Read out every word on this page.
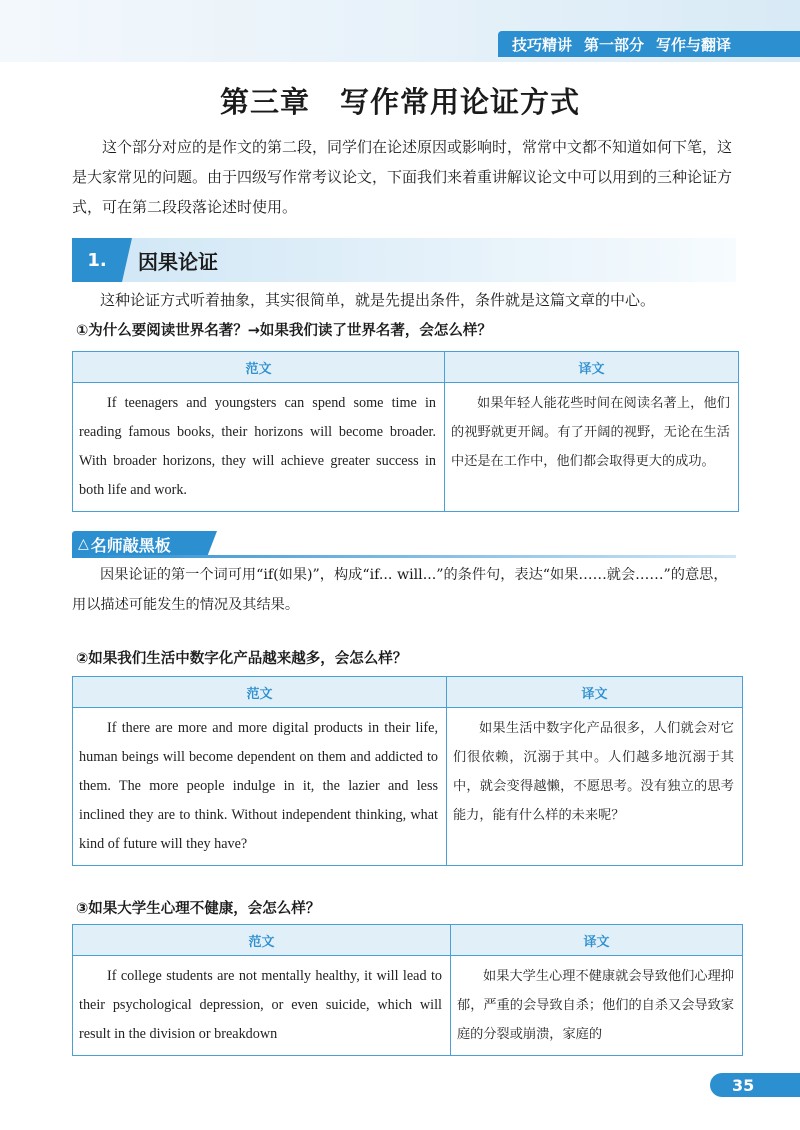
技巧精讲 第一部分 写作与翻译
第三章 写作常用论证方式

这个部分对应的是作文的第二段，同学们在论述原因或影响时，常常中文都不知道如何下笔，这是大家常见的问题。由于四级写作常考议论文，下面我们来着重讲解议论文中可以用到的三种论证方式，可在第二段段落论述时使用。

1.	因果论证
这种论证方式听着抽象，其实很简单，就是先提出条件，条件就是这篇文章的中心。
①为什么要阅读世界名著？→如果我们读了世界名著，会怎么样？
范文	译文
If teenagers and youngsters can spend some time in reading famous books, their horizons will become broader. With broader horizons, they will achieve greater success in both life and work.	如果年轻人能花些时间在阅读名著上，他们的视野就更开阔。有了开阔的视野，无论在生活中还是在工作中，他们都会取得更大的成功。
△ 名师敲黑板

因果论证的第一个词可用“if(如果)”，构成“if... will...”的条件句，表达“如果……就会……”的意思，用以描述可能发生的情况及其结果。

②如果我们生活中数字化产品越来越多，会怎么样？
范文	译文
If there are more and more digital products in their life, human beings will become dependent on them and addicted to them. The more people indulge in it, the lazier and less inclined they are to think. Without independent thinking, what kind of future will they have?	如果生活中数字化产品很多，人们就会对它们很依赖，沉溺于其中。人们越多地沉溺于其中，就会变得越懒，不愿思考。没有独立的思考能力，能有什么样的未来呢？
③如果大学生心理不健康，会怎么样？
范文	译文
If college students are not mentally healthy, it will lead to their psychological depression, or even suicide, which will result in the division or breakdown	如果大学生心理不健康就会导致他们心理抑郁，严重的会导致自杀；他们的自杀又会导致家庭的分裂或崩溃，家庭的
35
